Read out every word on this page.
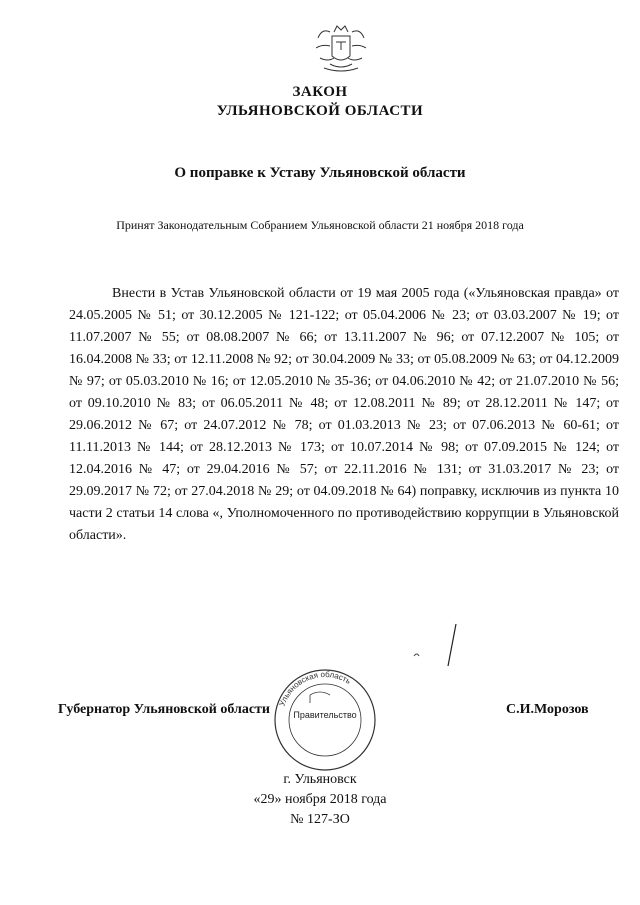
ЗАКОН
УЛЬЯНОВСКОЙ ОБЛАСТИ
О поправке к Уставу Ульяновской области
Принят Законодательным Собранием Ульяновской области 21 ноября 2018 года
Внести в Устав Ульяновской области от 19 мая 2005 года («Ульяновская правда» от 24.05.2005 № 51; от 30.12.2005 № 121-122; от 05.04.2006 № 23; от 03.03.2007 № 19; от 11.07.2007 № 55; от 08.08.2007 № 66; от 13.11.2007 № 96; от 07.12.2007 № 105; от 16.04.2008 № 33; от 12.11.2008 № 92; от 30.04.2009 № 33; от 05.08.2009 № 63; от 04.12.2009 № 97; от 05.03.2010 № 16; от 12.05.2010 № 35-36; от 04.06.2010 № 42; от 21.07.2010 № 56; от 09.10.2010 № 83; от 06.05.2011 № 48; от 12.08.2011 № 89; от 28.12.2011 № 147; от 29.06.2012 № 67; от 24.07.2012 № 78; от 01.03.2013 № 23; от 07.06.2013 № 60-61; от 11.11.2013 № 144; от 28.12.2013 № 173; от 10.07.2014 № 98; от 07.09.2015 № 124; от 12.04.2016 № 47; от 29.04.2016 № 57; от 22.11.2016 № 131; от 31.03.2017 № 23; от 29.09.2017 № 72; от 27.04.2018 № 29; от 04.09.2018 № 64) поправку, исключив из пункта 10 части 2 статьи 14 слова «, Уполномоченного по противодействию коррупции в Ульяновской области».
Губернатор Ульяновской области	С.И.Морозов
Правительство
Ульяновская область
г. Ульяновск
«29» ноября 2018 года
№ 127-ЗО
